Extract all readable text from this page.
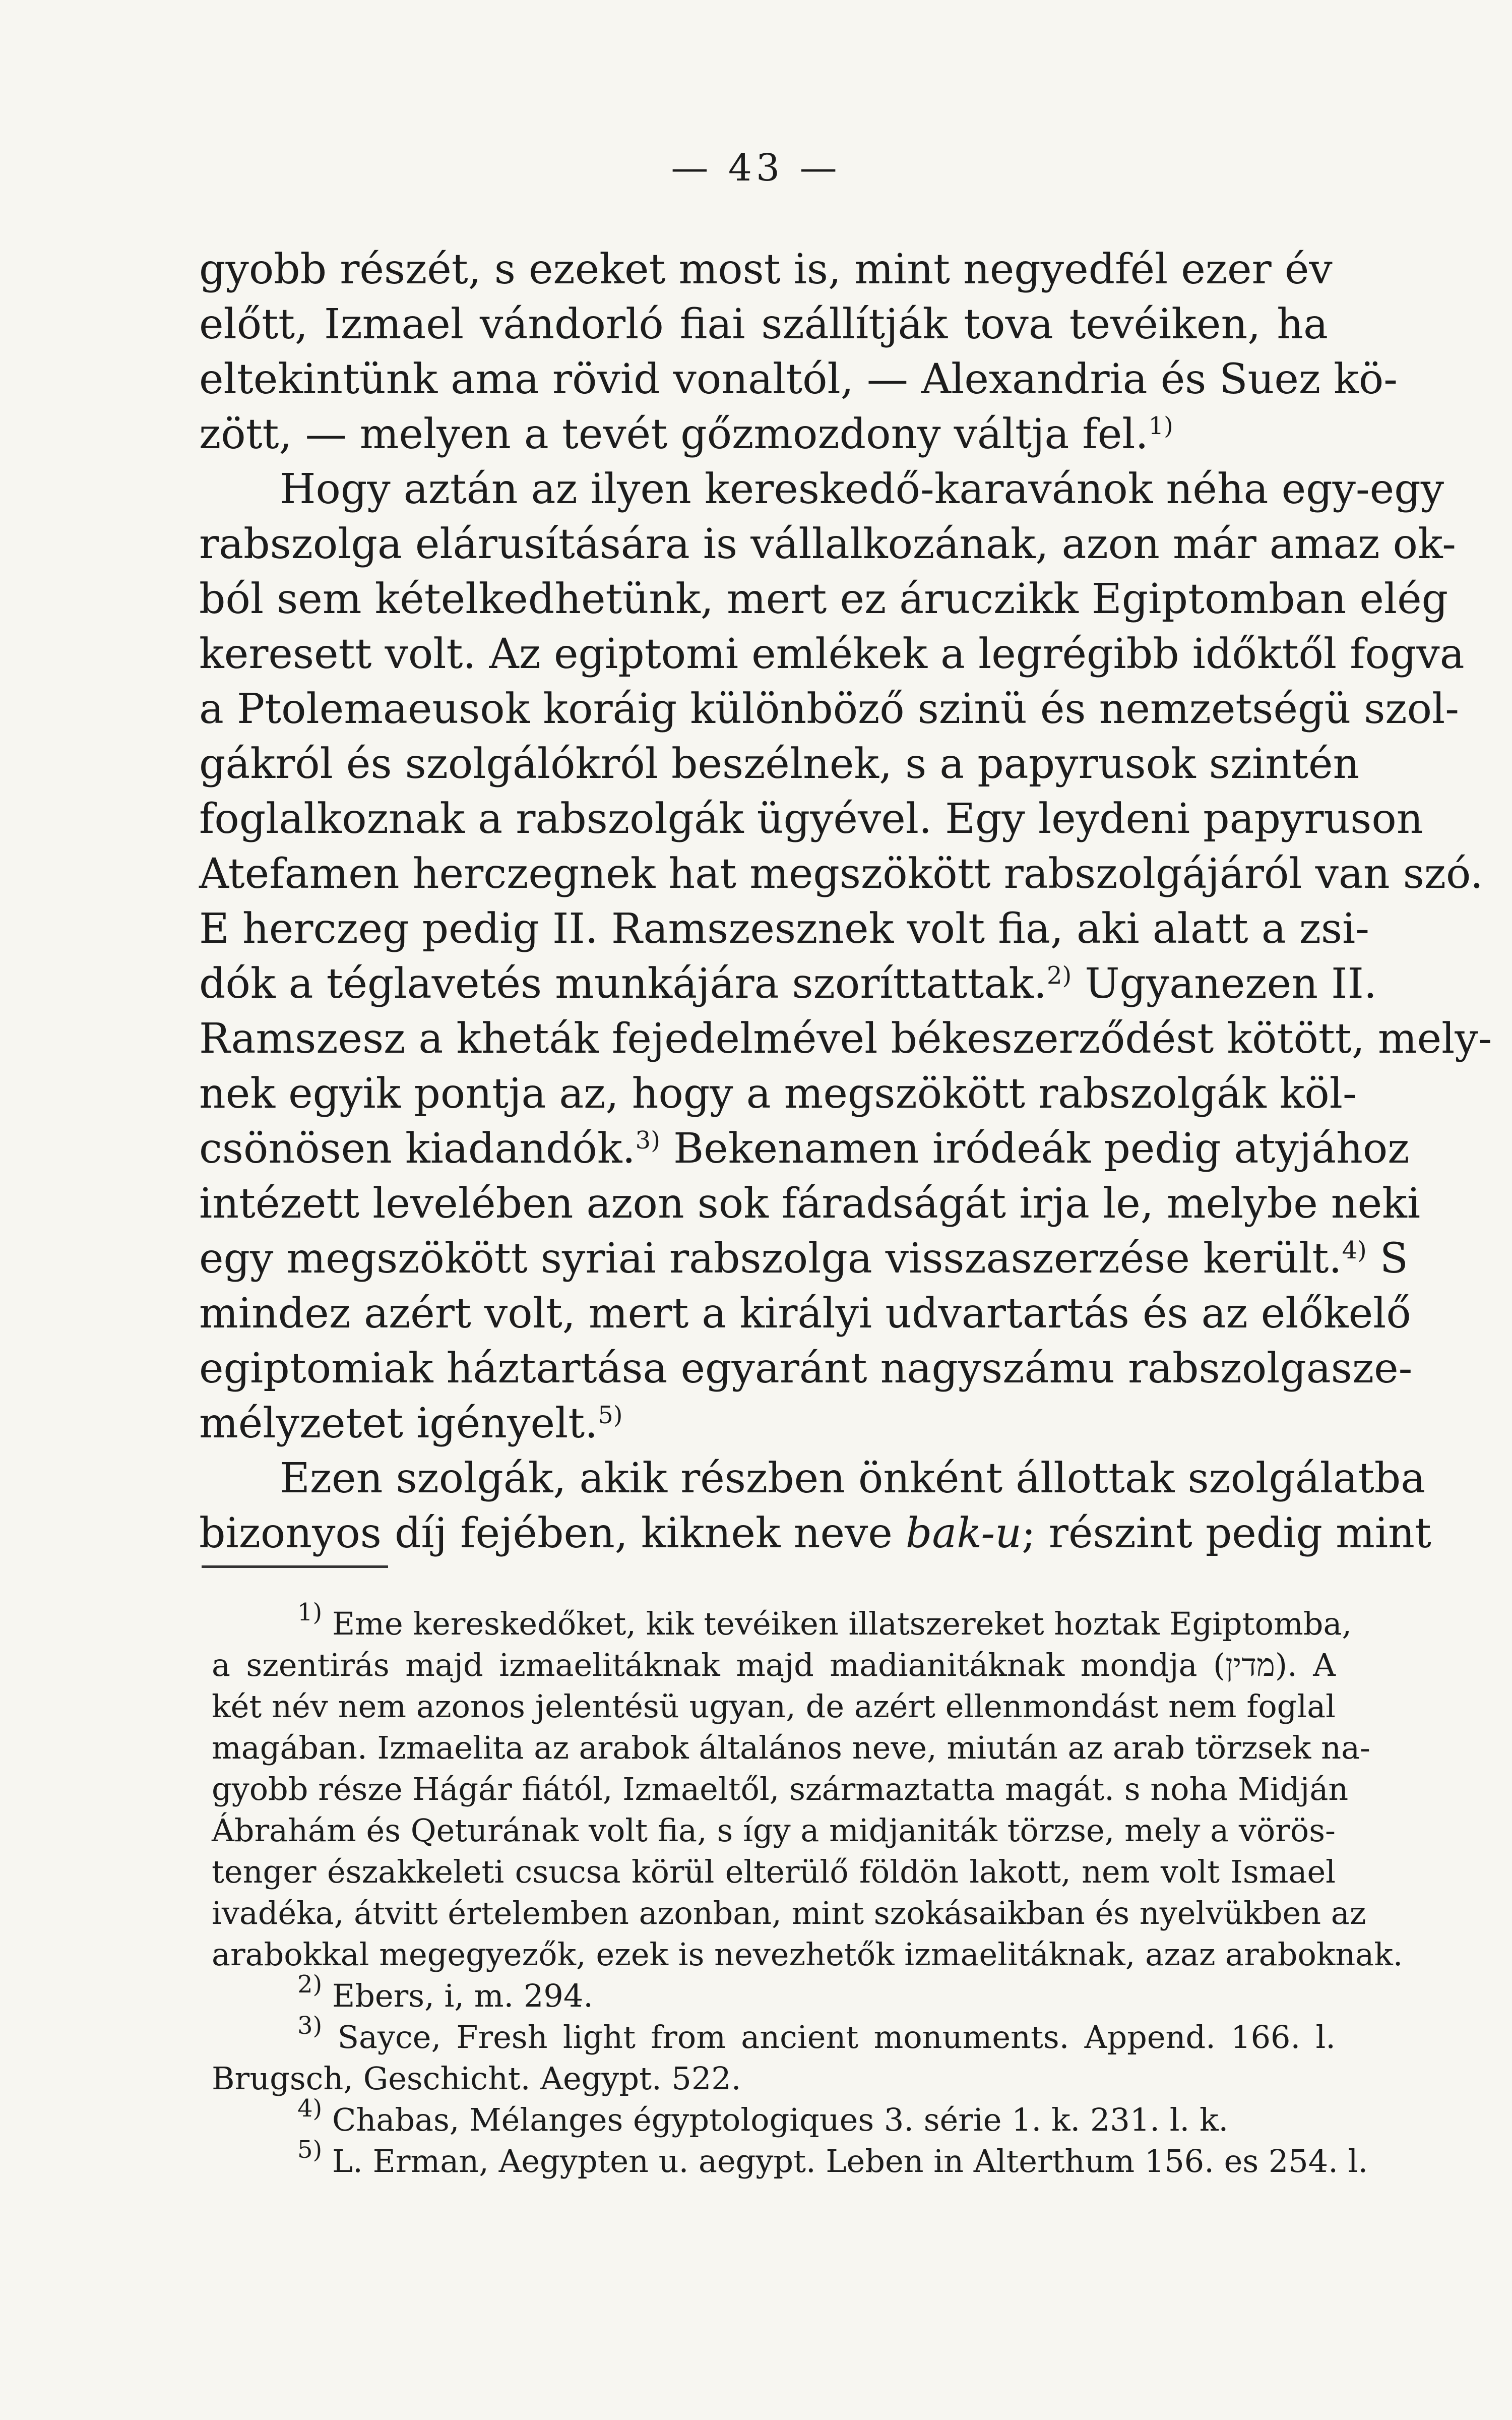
— 43 —
gyobb részét, s ezeket most is, mint negyedfél ezer év
előtt, Izmael vándorló fiai szállítják tova tevéiken, ha
eltekintünk ama rövid vonaltól, — Alexandria és Suez kö-
zött, — melyen a tevét gőzmozdony váltja fel.$^{1)}$
Hogy aztán az ilyen kereskedő-karavánok néha egy-egy
rabszolga elárusítására is vállalkozának, azon már amaz ok-
ból sem kételkedhetünk, mert ez áruczikk Egiptomban elég
keresett volt. Az egiptomi emlékek a legrégibb időktől fogva
a Ptolemaeusok koráig különböző szinü és nemzetségü szol-
gákról és szolgálókról beszélnek, s a papyrusok szintén
foglalkoznak a rabszolgák ügyével. Egy leydeni papyruson
Atefamen herczegnek hat megszökött rabszolgájáról van szó.
E herczeg pedig II. Ramszesznek volt fia, aki alatt a zsi-
dók a téglavetés munkájára szoríttattak.$^{2)}$ Ugyanezen II.
Ramszesz a kheták fejedelmével békeszerződést kötött, mely-
nek egyik pontja az, hogy a megszökött rabszolgák köl-
csönösen kiadandók.$^{3)}$ Bekenamen iródeák pedig atyjához
intézett levelében azon sok fáradságát irja le, melybe neki
egy megszökött syriai rabszolga visszaszerzése került.$^{4)}$ S
mindez azért volt, mert a királyi udvartartás és az előkelő
egiptomiak háztartása egyaránt nagyszámu rabszolgasze-
mélyzetet igényelt.$^{5)}$
Ezen szolgák, akik részben önként állottak szolgálatba
bizonyos díj fejében, kiknek neve bak-u; részint pedig mint
$^{1)}$ Eme kereskedőket, kik tevéiken illatszereket hoztak Egiptomba,
a szentirás majd izmaelitáknak majd madianitáknak mondja (מדין). A
két név nem azonos jelentésü ugyan, de azért ellenmondást nem foglal
magában. Izmaelita az arabok általános neve, miután az arab törzsek na-
gyobb része Hágár fiától, Izmaeltől, származtatta magát. s noha Midján
Ábrahám és Qeturának volt fia, s így a midjaniták törzse, mely a vörös-
tenger északkeleti csucsa körül elterülő földön lakott, nem volt Ismael
ivadéka, átvitt értelemben azonban, mint szokásaikban és nyelvükben az
arabokkal megegyezők, ezek is nevezhetők izmaelitáknak, azaz araboknak.
$^{2)}$ Ebers, i, m. 294.
$^{3)}$ Sayce, Fresh light from ancient monuments. Append. 166. l.
Brugsch, Geschicht. Aegypt. 522.
$^{4)}$ Chabas, Mélanges égyptologiques 3. série 1. k. 231. l. k.
$^{5)}$ L. Erman, Aegypten u. aegypt. Leben in Alterthum 156. es 254. l.
